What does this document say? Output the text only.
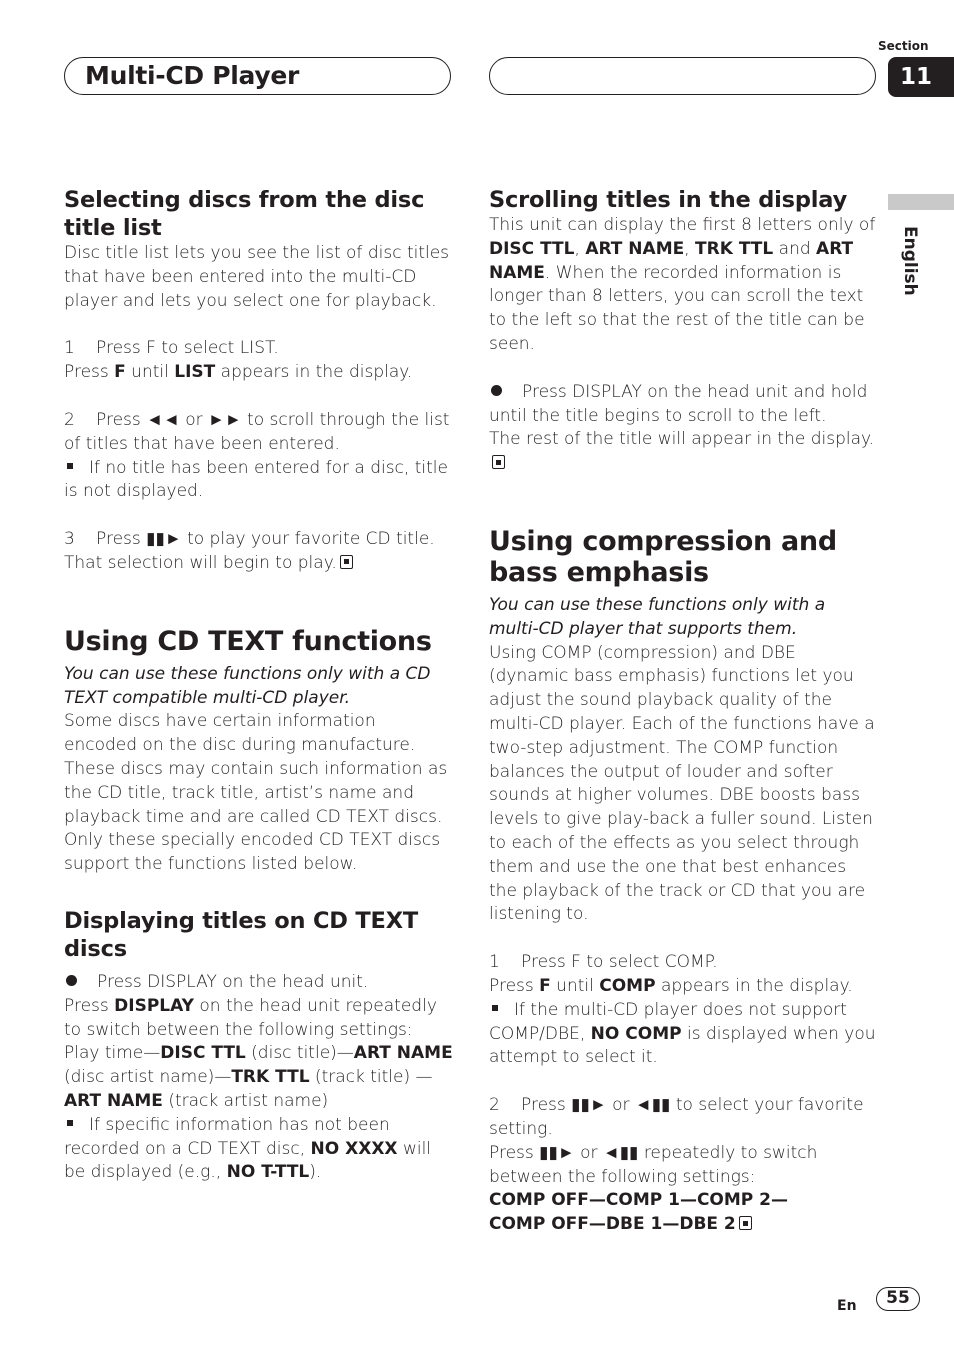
Multi-CD Player
Section
11
English
Selecting discs from the disc title list

Disc title list lets you see the list of disc titles that have been entered into the multi-CD player and lets you select one for playback.

1 Press F to select LIST.

Press F until LIST appears in the display.

2 Press ◄◄ or ►► to scroll through the list of titles that have been entered.

If no title has been entered for a disc, title is not displayed.

3 Press ▮▮► to play your favorite CD title.

That selection will begin to play.

Using CD TEXT functions

You can use these functions only with a CD TEXT compatible multi-CD player.

Some discs have certain information encoded on the disc during manufacture. These discs may contain such information as the CD title, track title, artist’s name and playback time and are called CD TEXT discs. Only these specially encoded CD TEXT discs support the functions listed below.

Displaying titles on CD TEXT discs

Press DISPLAY on the head unit.

Press DISPLAY on the head unit repeatedly to switch between the following settings:
Play time—DISC TTL (disc title)—ART NAME
(disc artist name)—TRK TTL (track title) —ART NAME (track artist name)

If specific information has not been recorded on a CD TEXT disc, NO XXXX will be displayed (e.g., NO T-TTL).

Scrolling titles in the display

This unit can display the first 8 letters only of DISC TTL, ART NAME, TRK TTL and ART NAME. When the recorded information is longer than 8 letters, you can scroll the text to the left so that the rest of the title can be seen.

Press DISPLAY on the head unit and hold until the title begins to scroll to the left.

The rest of the title will appear in the display.

Using compression and bass emphasis

You can use these functions only with a multi-CD player that supports them.

Using COMP (compression) and DBE (dynamic bass emphasis) functions let you adjust the sound playback quality of the multi-CD player. Each of the functions have a two-step adjustment. The COMP function balances the output of louder and softer sounds at higher volumes. DBE boosts bass levels to give play-back a fuller sound. Listen to each of the effects as you select through them and use the one that best enhances the playback of the track or CD that you are listening to.

1 Press F to select COMP.

Press F until COMP appears in the display.

If the multi-CD player does not support COMP/DBE, NO COMP is displayed when you attempt to select it.

2 Press ▮▮► or ◄▮▮ to select your favorite setting.

Press ▮▮► or ◄▮▮ repeatedly to switch between the following settings:

COMP OFF—COMP 1—COMP 2—
COMP OFF—DBE 1—DBE 2

En	55
